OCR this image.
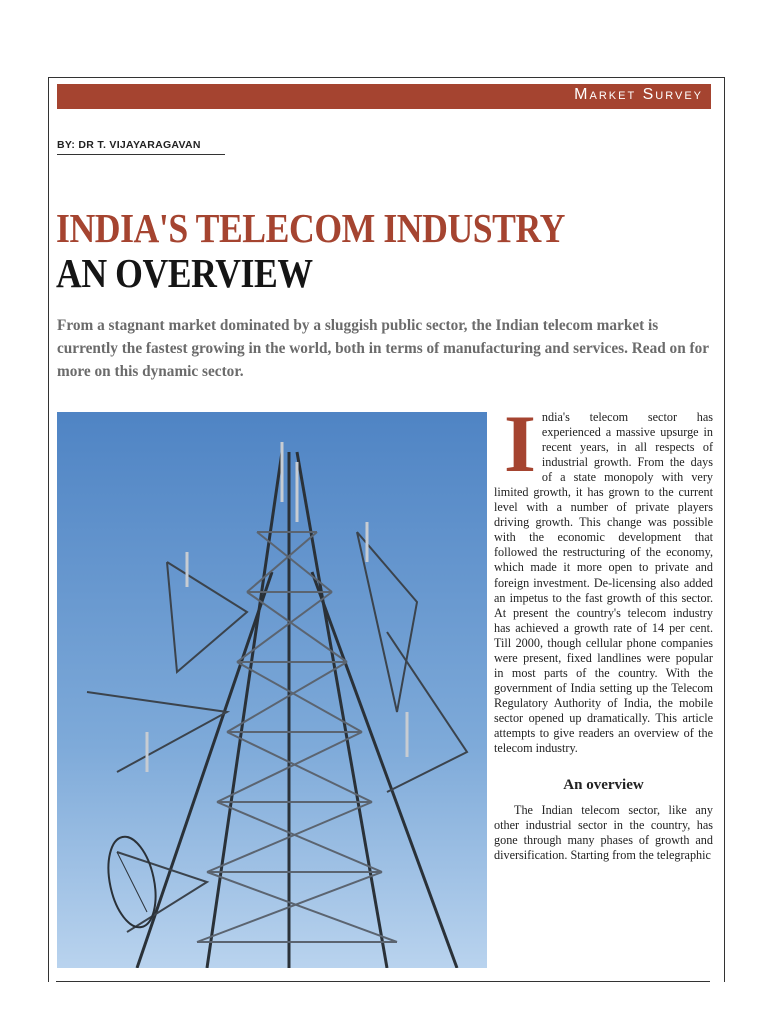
Market Survey
BY: DR T. VIJAYARAGAVAN
INDIA'S TELECOM INDUSTRY
AN OVERVIEW

From a stagnant market dominated by a sluggish public sector, the Indian telecom market is currently the fastest growing in the world, both in terms of manufacturing and services. Read on for more on this dynamic sector.

India's telecom sector has experienced a massive upsurge in recent years, in all respects of industrial growth. From the days of a state monopoly with very limited growth, it has grown to the current level with a number of private players driving growth. This change was possible with the economic development that followed the restructuring of the economy, which made it more open to private and foreign investment. De-licensing also added an impetus to the fast growth of this sector. At present the country's telecom industry has achieved a growth rate of 14 per cent. Till 2000, though cellular phone companies were present, fixed landlines were popular in most parts of the country. With the government of India setting up the Telecom Regulatory Authority of India, the mobile sector opened up dramatically. This article attempts to give readers an overview of the telecom industry.

An overview

The Indian telecom sector, like any other industrial sector in the country, has gone through many phases of growth and diversification. Starting from the telegraphic
